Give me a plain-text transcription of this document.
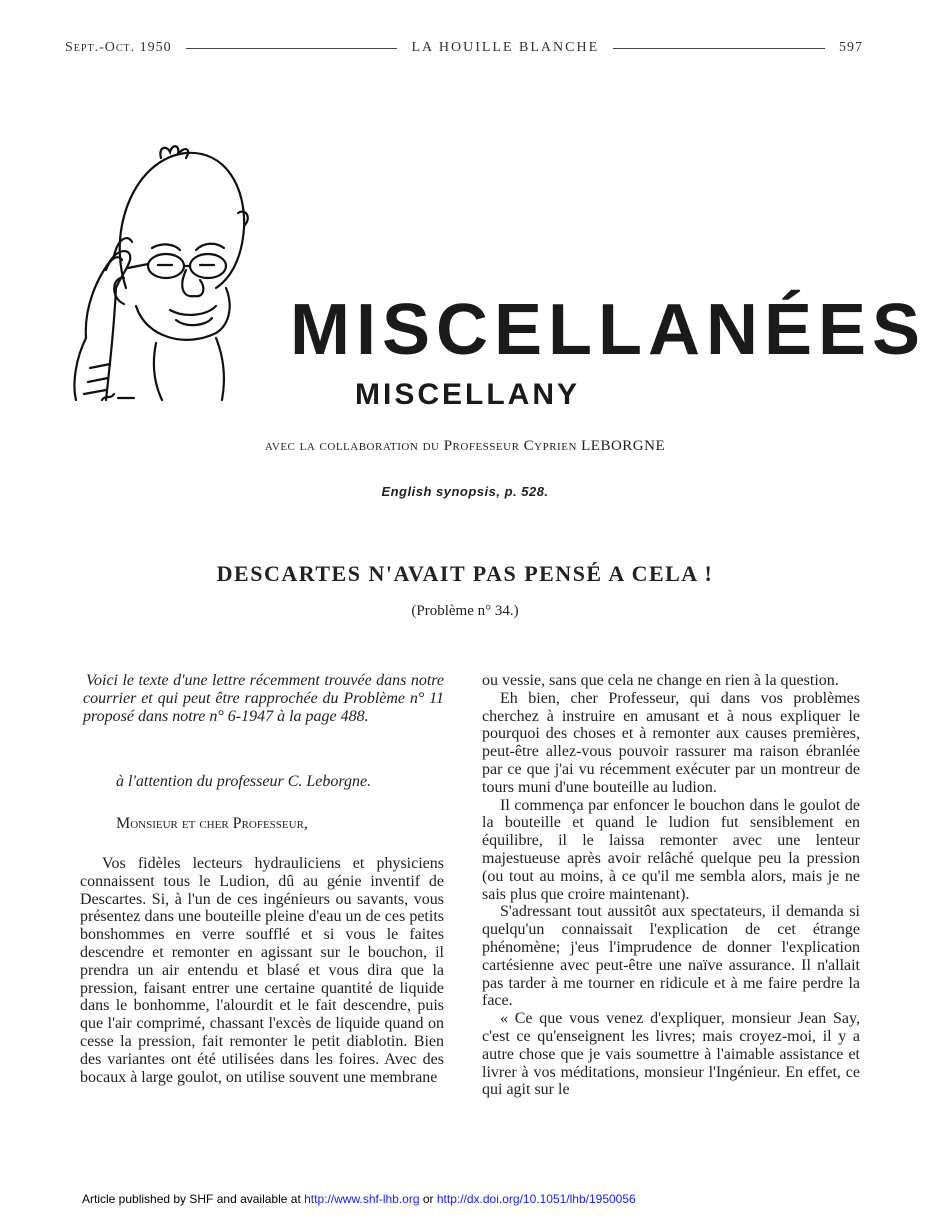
Sept.-Oct. 1950	LA HOUILLE BLANCHE	597
MISCELLANÉES
MISCELLANY
avec la collaboration du Professeur Cyprien LEBORGNE
English synopsis, p. 528.
DESCARTES N'AVAIT PAS PENSÉ A CELA !
(Problème n° 34.)

Voici le texte d'une lettre récemment trouvée dans notre courrier et qui peut être rapprochée du Problème n° 11 proposé dans notre n° 6-1947 à la page 488.

à l'attention du professeur C. Leborgne.

Monsieur et cher Professeur,

Vos fidèles lecteurs hydrauliciens et physiciens connaissent tous le Ludion, dû au génie inventif de Descartes. Si, à l'un de ces ingénieurs ou savants, vous présentez dans une bouteille pleine d'eau un de ces petits bonshommes en verre soufflé et si vous le faites descendre et remonter en agissant sur le bouchon, il prendra un air entendu et blasé et vous dira que la pression, faisant entrer une certaine quantité de liquide dans le bonhomme, l'alourdit et le fait descendre, puis que l'air comprimé, chassant l'excès de liquide quand on cesse la pression, fait remonter le petit diablotin. Bien des variantes ont été utilisées dans les foires. Avec des bocaux à large goulot, on utilise souvent une membrane

ou vessie, sans que cela ne change en rien à la question.

Eh bien, cher Professeur, qui dans vos problèmes cherchez à instruire en amusant et à nous expliquer le pourquoi des choses et à remonter aux causes premières, peut-être allez-vous pouvoir rassurer ma raison ébranlée par ce que j'ai vu récemment exécuter par un montreur de tours muni d'une bouteille au ludion.

Il commença par enfoncer le bouchon dans le goulot de la bouteille et quand le ludion fut sensiblement en équilibre, il le laissa remonter avec une lenteur majestueuse après avoir relâché quelque peu la pression (ou tout au moins, à ce qu'il me sembla alors, mais je ne sais plus que croire maintenant).

S'adressant tout aussitôt aux spectateurs, il demanda si quelqu'un connaissait l'explication de cet étrange phénomène; j'eus l'imprudence de donner l'explication cartésienne avec peut-être une naïve assurance. Il n'allait pas tarder à me tourner en ridicule et à me faire perdre la face.

« Ce que vous venez d'expliquer, monsieur Jean Say, c'est ce qu'enseignent les livres; mais croyez-moi, il y a autre chose que je vais soumettre à l'aimable assistance et livrer à vos méditations, monsieur l'Ingénieur. En effet, ce qui agit sur le

Article published by SHF and available at http://www.shf-lhb.org or http://dx.doi.org/10.1051/lhb/1950056
